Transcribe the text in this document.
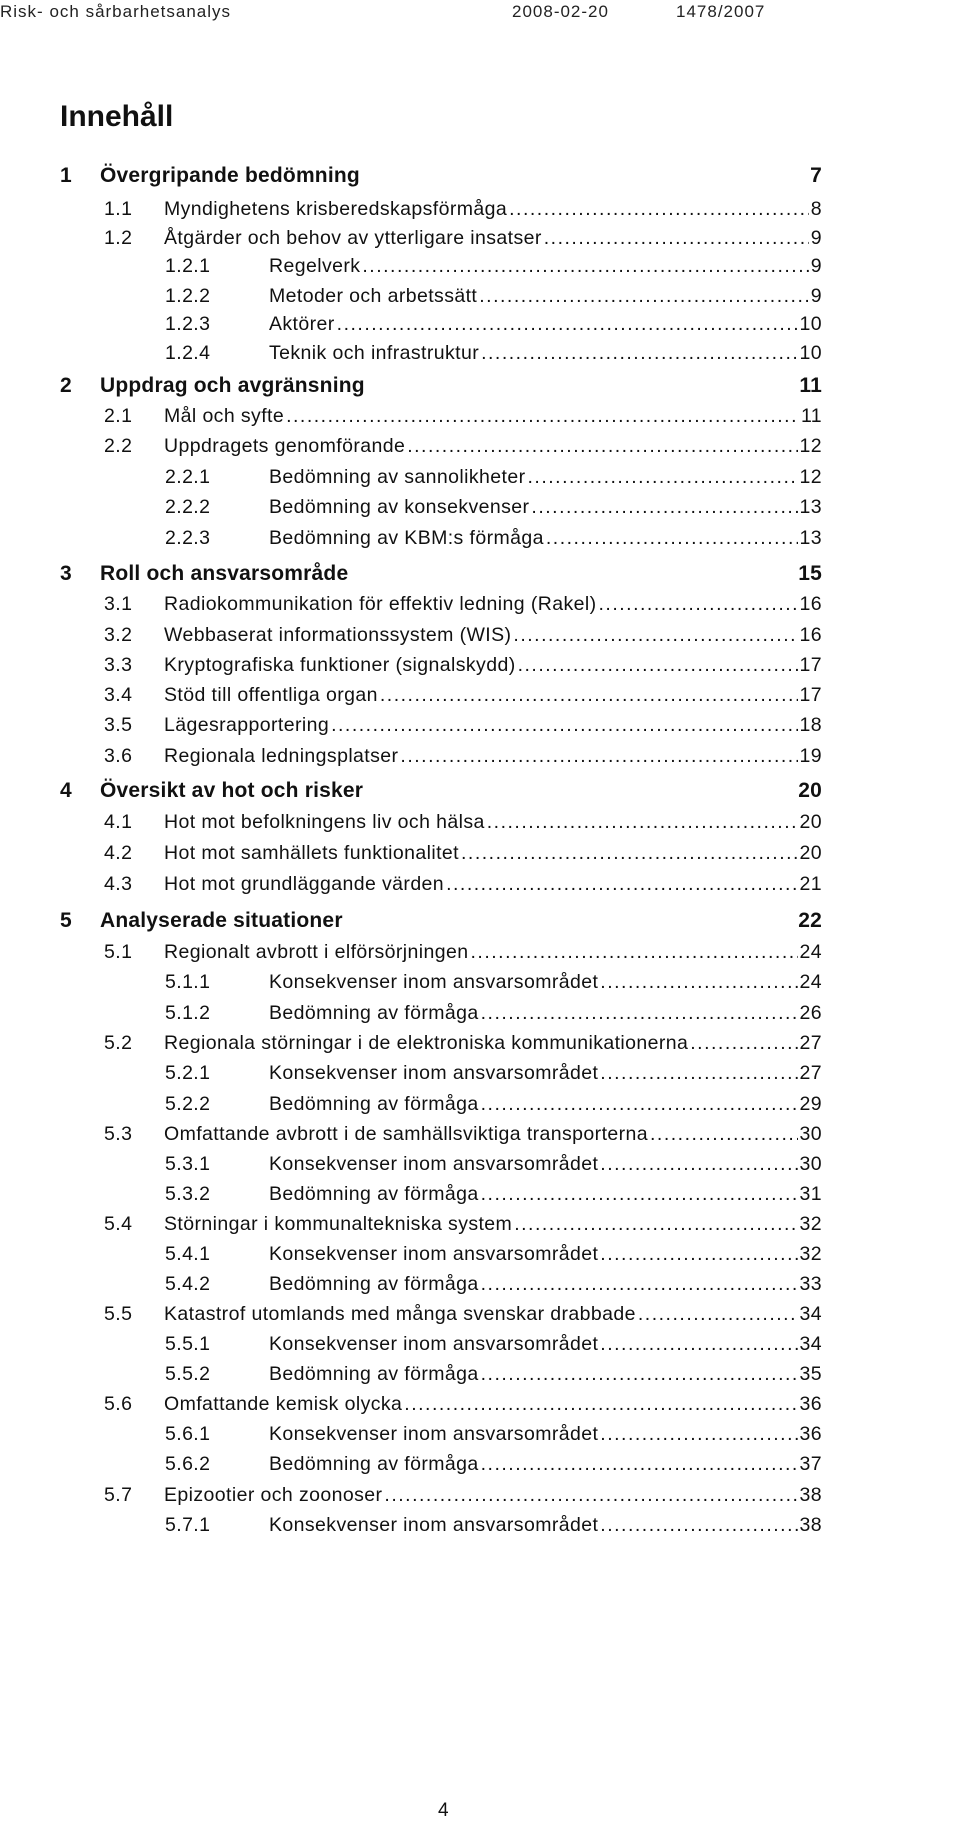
Risk- och sårbarhetsanalys	2008-02-20	1478/2007
Innehåll
1	Övergripande bedömning	7
1.1	Myndighetens krisberedskapsförmåga .....	8
1.2	Åtgärder och behov av ytterligare insatser .....	9
1.2.1	Regelverk .....	9
1.2.2	Metoder och arbetssätt .....	9
1.2.3	Aktörer .....	10
1.2.4	Teknik och infrastruktur .....	10
2	Uppdrag och avgränsning	11
2.1	Mål och syfte .....	11
2.2	Uppdragets genomförande .....	12
2.2.1	Bedömning av sannolikheter .....	12
2.2.2	Bedömning av konsekvenser .....	13
2.2.3	Bedömning av KBM:s förmåga .....	13
3	Roll och ansvarsområde	15
3.1	Radiokommunikation för effektiv ledning (Rakel) .....	16
3.2	Webbaserat informationssystem (WIS) .....	16
3.3	Kryptografiska funktioner (signalskydd) .....	17
3.4	Stöd till offentliga organ .....	17
3.5	Lägesrapportering .....	18
3.6	Regionala ledningsplatser .....	19
4	Översikt av hot och risker	20
4.1	Hot mot befolkningens liv och hälsa .....	20
4.2	Hot mot samhällets funktionalitet .....	20
4.3	Hot mot grundläggande värden .....	21
5	Analyserade situationer	22
5.1	Regionalt avbrott i elförsörjningen .....	24
5.1.1	Konsekvenser inom ansvarsområdet .....	24
5.1.2	Bedömning av förmåga .....	26
5.2	Regionala störningar i de elektroniska kommunikationerna .....	27
5.2.1	Konsekvenser inom ansvarsområdet .....	27
5.2.2	Bedömning av förmåga .....	29
5.3	Omfattande avbrott i de samhällsviktiga transporterna .....	30
5.3.1	Konsekvenser inom ansvarsområdet .....	30
5.3.2	Bedömning av förmåga .....	31
5.4	Störningar i kommunaltekniska system .....	32
5.4.1	Konsekvenser inom ansvarsområdet .....	32
5.4.2	Bedömning av förmåga .....	33
5.5	Katastrof utomlands med många svenskar drabbade .....	34
5.5.1	Konsekvenser inom ansvarsområdet .....	34
5.5.2	Bedömning av förmåga .....	35
5.6	Omfattande kemisk olycka .....	36
5.6.1	Konsekvenser inom ansvarsområdet .....	36
5.6.2	Bedömning av förmåga .....	37
5.7	Epizootier och zoonoser .....	38
5.7.1	Konsekvenser inom ansvarsområdet .....	38
4
